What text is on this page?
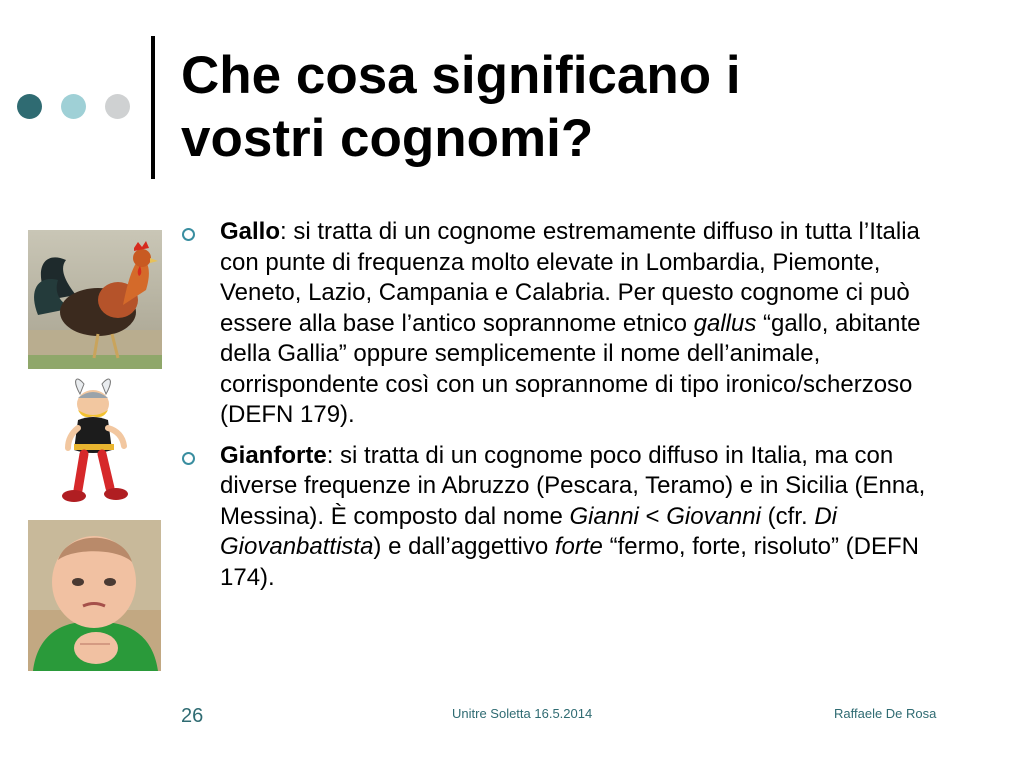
Che cosa significano i
vostri cognomi?
Gallo: si tratta di un cognome estremamente diffuso in tutta l’Italia con punte di frequenza molto elevate in Lombardia, Piemonte, Veneto, Lazio, Campania e Calabria. Per questo cognome ci può essere alla base l’antico soprannome etnico gallus “gallo, abitante della Gallia” oppure semplicemente il nome dell’animale, corrispondente così con un soprannome di tipo ironico/scherzoso (DEFN 179).
Gianforte: si tratta di un cognome poco diffuso in Italia, ma con diverse frequenze in Abruzzo (Pescara, Teramo) e in Sicilia (Enna, Messina). È composto dal nome Gianni < Giovanni (cfr. Di Giovanbattista) e dall’aggettivo forte “fermo, forte, risoluto” (DEFN 174).
26	Unitre Soletta 16.5.2014	Raffaele De Rosa
